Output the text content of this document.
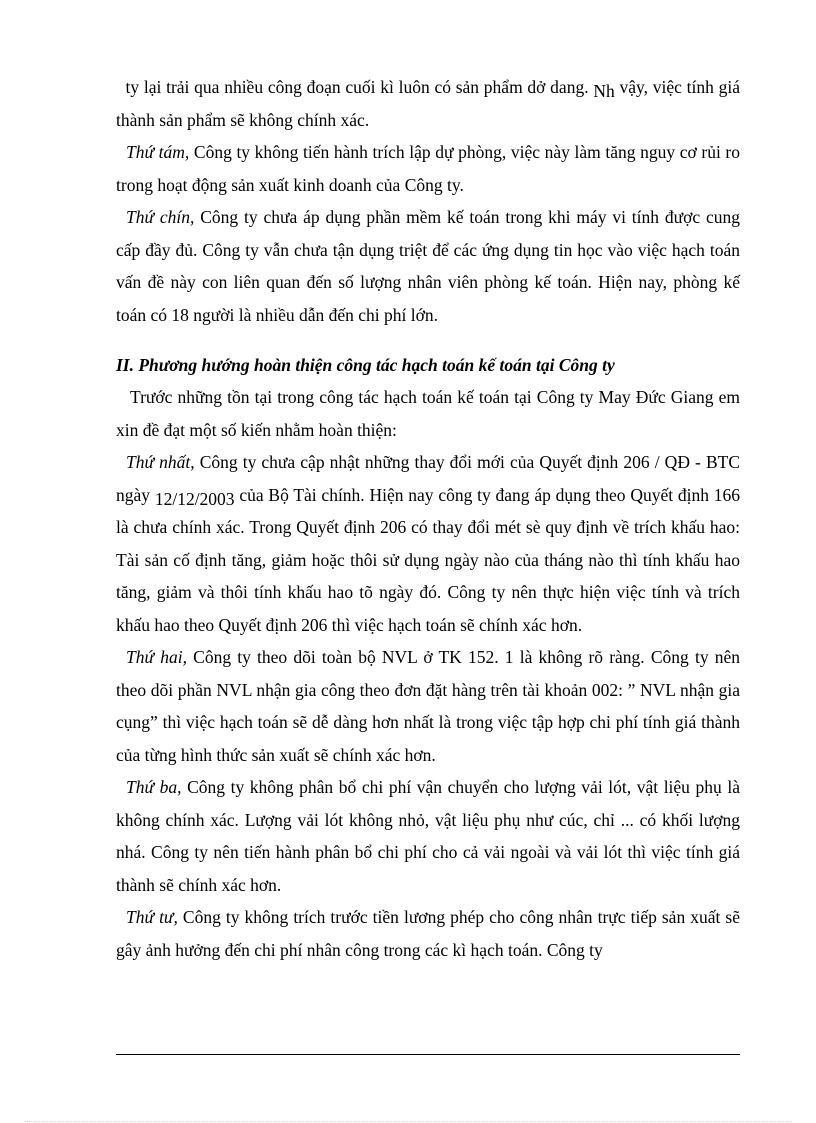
ty lại trải qua nhiều công đoạn cuối kì luôn có sản phẩm dở dang. Nh vậy, việc tính giá thành sản phẩm sẽ không chính xác.

Thứ tám, Công ty không tiến hành trích lập dự phòng, việc này làm tăng nguy cơ rủi ro trong hoạt động sản xuất kinh doanh của Công ty.

Thứ chín, Công ty chưa áp dụng phần mềm kế toán trong khi máy vi tính được cung cấp đầy đủ. Công ty vẫn chưa tận dụng triệt để các ứng dụng tin học vào việc hạch toán vấn đề này con liên quan đến số lượng nhân viên phòng kế toán. Hiện nay, phòng kế toán có 18 người là nhiều dẫn đến chi phí lớn.

II. Phương hướng hoàn thiện công tác hạch toán kế toán tại Công ty

Trước những tồn tại trong công tác hạch toán kế toán tại Công ty May Đức Giang em xin đề đạt một số kiến nhằm hoàn thiện:

Thứ nhất, Công ty chưa cập nhật những thay đổi mới của Quyết định 206 / QĐ - BTC ngày 12/12/2003 của Bộ Tài chính. Hiện nay công ty đang áp dụng theo Quyết định 166 là chưa chính xác. Trong Quyết định 206 có thay đổi mét sè quy định về trích khấu hao: Tài sản cố định tăng, giảm hoặc thôi sử dụng ngày nào của tháng nào thì tính khấu hao tăng, giảm và thôi tính khấu hao tõ ngày đó. Công ty nên thực hiện việc tính và trích khấu hao theo Quyết định 206 thì việc hạch toán sẽ chính xác hơn.

Thứ hai, Công ty theo dõi toàn bộ NVL ở TK 152. 1 là không rõ ràng. Công ty nên theo dõi phần NVL nhận gia công theo đơn đặt hàng trên tài khoản 002: ” NVL nhận gia cụng” thì việc hạch toán sẽ dễ dàng hơn nhất là trong việc tập hợp chi phí tính giá thành của từng hình thức sản xuất sẽ chính xác hơn.

Thứ ba, Công ty không phân bổ chi phí vận chuyển cho lượng vải lót, vật liệu phụ là không chính xác. Lượng vải lót không nhỏ, vật liệu phụ như cúc, chỉ ... có khối lượng nhá. Công ty nên tiến hành phân bổ chi phí cho cả vải ngoài và vải lót thì việc tính giá thành sẽ chính xác hơn.

Thứ tư, Công ty không trích trước tiền lương phép cho công nhân trực tiếp sản xuất sẽ gây ảnh hưởng đến chi phí nhân công trong các kì hạch toán. Công ty
